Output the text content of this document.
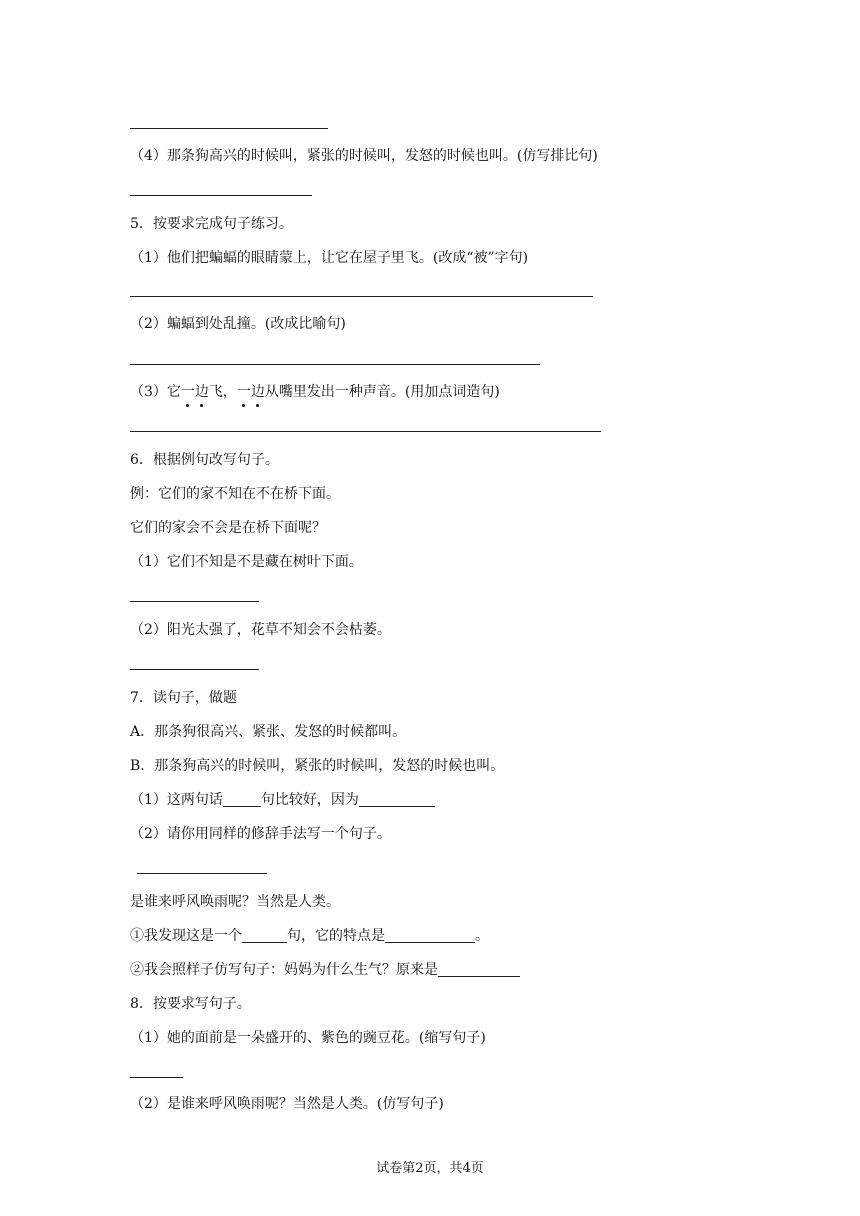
（4）那条狗高兴的时候叫，紧张的时候叫，发怒的时候也叫。(仿写排比句)
5．按要求完成句子练习。
（1）他们把蝙蝠的眼睛蒙上，让它在屋子里飞。(改成“被”字句)
（2）蝙蝠到处乱撞。(改成比喻句)
（3）它一边飞，一边从嘴里发出一种声音。(用加点词造句)
6．根据例句改写句子。
例：它们的家不知在不在桥下面。
它们的家会不会是在桥下面呢？
（1）它们不知是不是藏在树叶下面。
（2）阳光太强了，花草不知会不会枯萎。
7．读句子，做题
A．那条狗很高兴、紧张、发怒的时候都叫。
B．那条狗高兴的时候叫，紧张的时候叫，发怒的时候也叫。
（1）这两句话	句比较好，因为
（2）请你用同样的修辞手法写一个句子。
是谁来呼风唤雨呢？当然是人类。
①我发现这是一个	句，它的特点是	。
②我会照样子仿写句子：妈妈为什么生气？原来是
8．按要求写句子。
（1）她的面前是一朵盛开的、紫色的豌豆花。(缩写句子)
（2）是谁来呼风唤雨呢？当然是人类。(仿写句子)
试卷第2页，共4页
